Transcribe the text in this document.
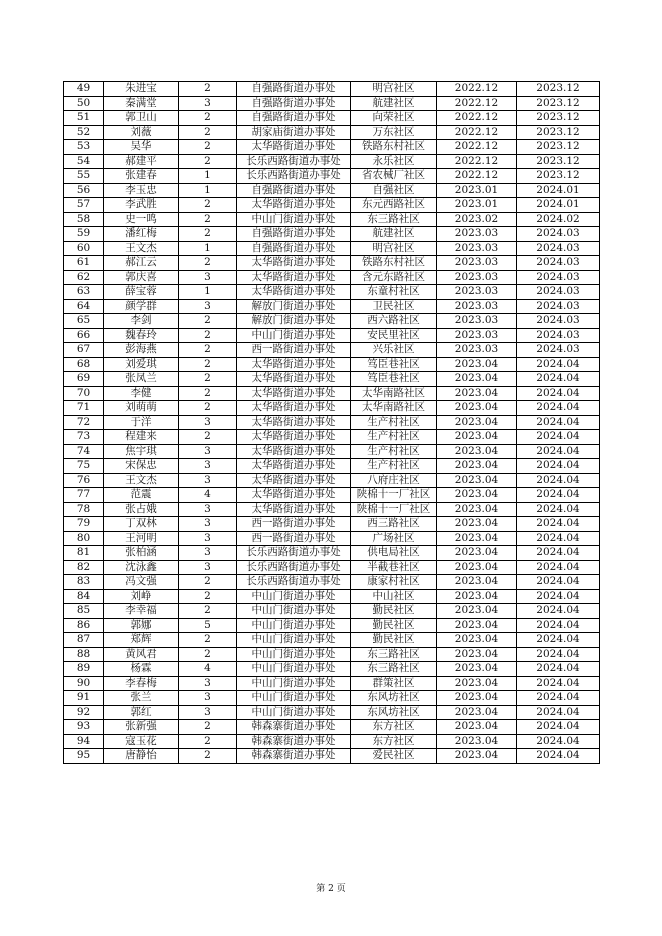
49	朱进宝	2	自强路街道办事处	明宫社区	2022.12	2023.12
50	秦满堂	3	自强路街道办事处	航建社区	2022.12	2023.12
51	郭卫山	2	自强路街道办事处	向荣社区	2022.12	2023.12
52	刘薇	2	胡家庙街道办事处	万东社区	2022.12	2023.12
53	吴华	2	太华路街道办事处	铁路东村社区	2022.12	2023.12
54	郝建平	2	长乐西路街道办事处	永乐社区	2022.12	2023.12
55	张建春	1	长乐西路街道办事处	省农械厂社区	2022.12	2023.12
56	李玉忠	1	自强路街道办事处	自强社区	2023.01	2024.01
57	李武胜	2	太华路街道办事处	东元西路社区	2023.01	2024.01
58	史一鸣	2	中山门街道办事处	东三路社区	2023.02	2024.02
59	潘红梅	2	自强路街道办事处	航建社区	2023.03	2024.03
60	王文杰	1	自强路街道办事处	明宫社区	2023.03	2024.03
61	郝江云	2	太华路街道办事处	铁路东村社区	2023.03	2024.03
62	郭庆喜	3	太华路街道办事处	含元东路社区	2023.03	2024.03
63	薛宝蓉	1	太华路街道办事处	东童村社区	2023.03	2024.03
64	颜学群	3	解放门街道办事处	卫民社区	2023.03	2024.03
65	李剑	2	解放门街道办事处	西六路社区	2023.03	2024.03
66	魏春玲	2	中山门街道办事处	安民里社区	2023.03	2024.03
67	彭海燕	2	西一路街道办事处	兴乐社区	2023.03	2024.03
68	刘爱琪	2	太华路街道办事处	笃臣巷社区	2023.04	2024.04
69	张凤兰	2	太华路街道办事处	笃臣巷社区	2023.04	2024.04
70	李健	2	太华路街道办事处	太华南路社区	2023.04	2024.04
71	刘萌萌	2	太华路街道办事处	太华南路社区	2023.04	2024.04
72	于洋	3	太华路街道办事处	生产村社区	2023.04	2024.04
73	程建来	2	太华路街道办事处	生产村社区	2023.04	2024.04
74	焦宇琪	3	太华路街道办事处	生产村社区	2023.04	2024.04
75	宋保忠	3	太华路街道办事处	生产村社区	2023.04	2024.04
76	王文杰	3	太华路街道办事处	八府庄社区	2023.04	2024.04
77	范震	4	太华路街道办事处	陕棉十一厂社区	2023.04	2024.04
78	张占娥	3	太华路街道办事处	陕棉十一厂社区	2023.04	2024.04
79	丁双林	3	西一路街道办事处	西三路社区	2023.04	2024.04
80	王河明	3	西一路街道办事处	广场社区	2023.04	2024.04
81	张柏涵	3	长乐西路街道办事处	供电局社区	2023.04	2024.04
82	沈泳鑫	3	长乐西路街道办事处	半截巷社区	2023.04	2024.04
83	冯文强	2	长乐西路街道办事处	康家村社区	2023.04	2024.04
84	刘峥	2	中山门街道办事处	中山社区	2023.04	2024.04
85	李幸福	2	中山门街道办事处	勤民社区	2023.04	2024.04
86	郭娜	5	中山门街道办事处	勤民社区	2023.04	2024.04
87	郑辉	2	中山门街道办事处	勤民社区	2023.04	2024.04
88	黄风君	2	中山门街道办事处	东三路社区	2023.04	2024.04
89	杨霖	4	中山门街道办事处	东三路社区	2023.04	2024.04
90	李春梅	3	中山门街道办事处	群策社区	2023.04	2024.04
91	张兰	3	中山门街道办事处	东风坊社区	2023.04	2024.04
92	郭红	3	中山门街道办事处	东风坊社区	2023.04	2024.04
93	张新强	2	韩森寨街道办事处	东方社区	2023.04	2024.04
94	寇玉花	2	韩森寨街道办事处	东方社区	2023.04	2024.04
95	唐静怡	2	韩森寨街道办事处	爱民社区	2023.04	2024.04
第 2 页
